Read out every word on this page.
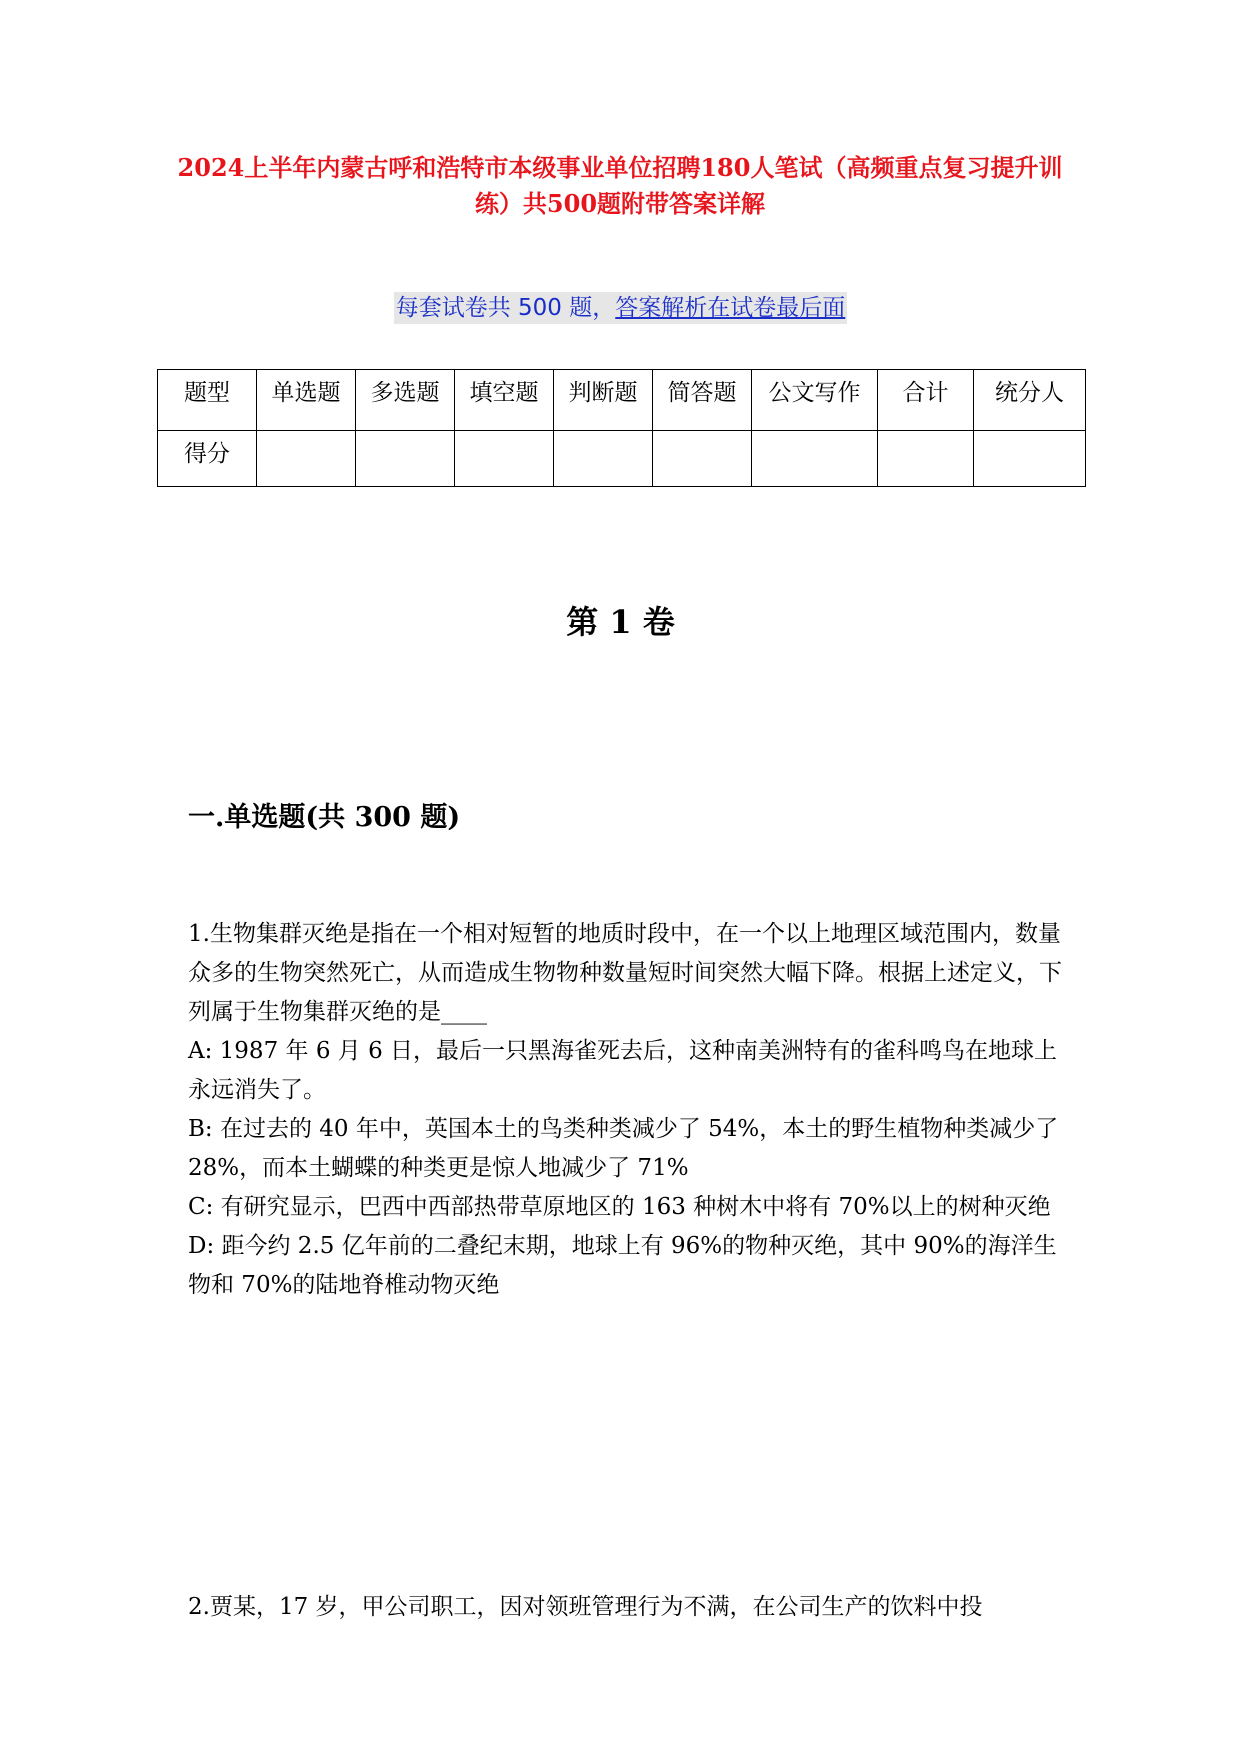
2024上半年内蒙古呼和浩特市本级事业单位招聘180人笔试（高频重点复习提升训练）共500题附带答案详解
每套试卷共 500 题，答案解析在试卷最后面
题型	单选题	多选题	填空题	判断题	简答题	公文写作	合计	统分人
得分								
第 1 卷
一.单选题(共 300 题)

1.生物集群灭绝是指在一个相对短暂的地质时段中，在一个以上地理区域范围内，数量众多的生物突然死亡，从而造成生物物种数量短时间突然大幅下降。根据上述定义，下列属于生物集群灭绝的是____

A: 1987 年 6 月 6 日，最后一只黑海雀死去后，这种南美洲特有的雀科鸣鸟在地球上永远消失了。

B: 在过去的 40 年中，英国本土的鸟类种类减少了 54%，本土的野生植物种类减少了 28%，而本土蝴蝶的种类更是惊人地减少了 71%

C: 有研究显示，巴西中西部热带草原地区的 163 种树木中将有 70%以上的树种灭绝

D: 距今约 2.5 亿年前的二叠纪末期，地球上有 96%的物种灭绝，其中 90%的海洋生物和 70%的陆地脊椎动物灭绝

2.贾某，17 岁，甲公司职工，因对领班管理行为不满，在公司生产的饮料中投
